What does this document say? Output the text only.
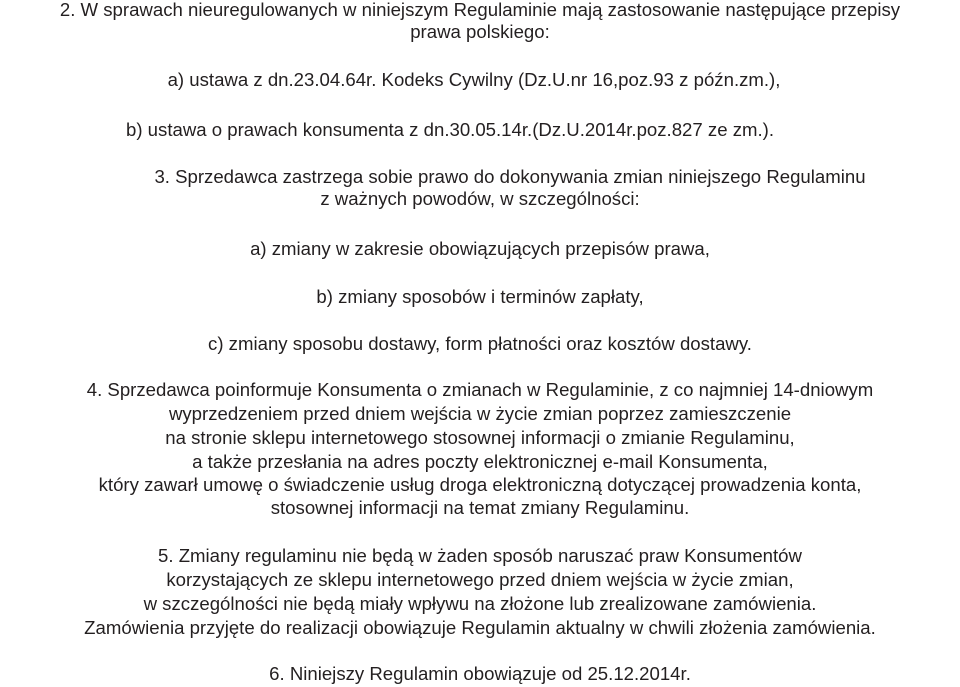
2. W sprawach nieuregulowanych w niniejszym Regulaminie mają zastosowanie następujące przepisy
prawa polskiego:
a) ustawa z dn.23.04.64r. Kodeks Cywilny (Dz.U.nr 16,poz.93 z późn.zm.),
b) ustawa o prawach konsumenta z dn.30.05.14r.(Dz.U.2014r.poz.827 ze zm.).
3. Sprzedawca zastrzega sobie prawo do dokonywania zmian niniejszego Regulaminu
z ważnych powodów, w szczególności:
a) zmiany w zakresie obowiązujących przepisów prawa,
b) zmiany sposobów i terminów zapłaty,
c) zmiany sposobu dostawy, form płatności oraz kosztów dostawy.
4. Sprzedawca poinformuje Konsumenta o zmianach w Regulaminie, z co najmniej 14-dniowym
wyprzedzeniem przed dniem wejścia w życie zmian poprzez zamieszczenie
na stronie sklepu internetowego stosownej informacji o zmianie Regulaminu,
a także przesłania na adres poczty elektronicznej e-mail Konsumenta,
który zawarł umowę o świadczenie usług droga elektroniczną dotyczącej prowadzenia konta,
stosownej informacji na temat zmiany Regulaminu.
5. Zmiany regulaminu nie będą w żaden sposób naruszać praw Konsumentów
korzystających ze sklepu internetowego przed dniem wejścia w życie zmian,
w szczególności nie będą miały wpływu na złożone lub zrealizowane zamówienia.
Zamówienia przyjęte do realizacji obowiązuje Regulamin aktualny w chwili złożenia zamówienia.
6. Niniejszy Regulamin obowiązuje od 25.12.2014r.
